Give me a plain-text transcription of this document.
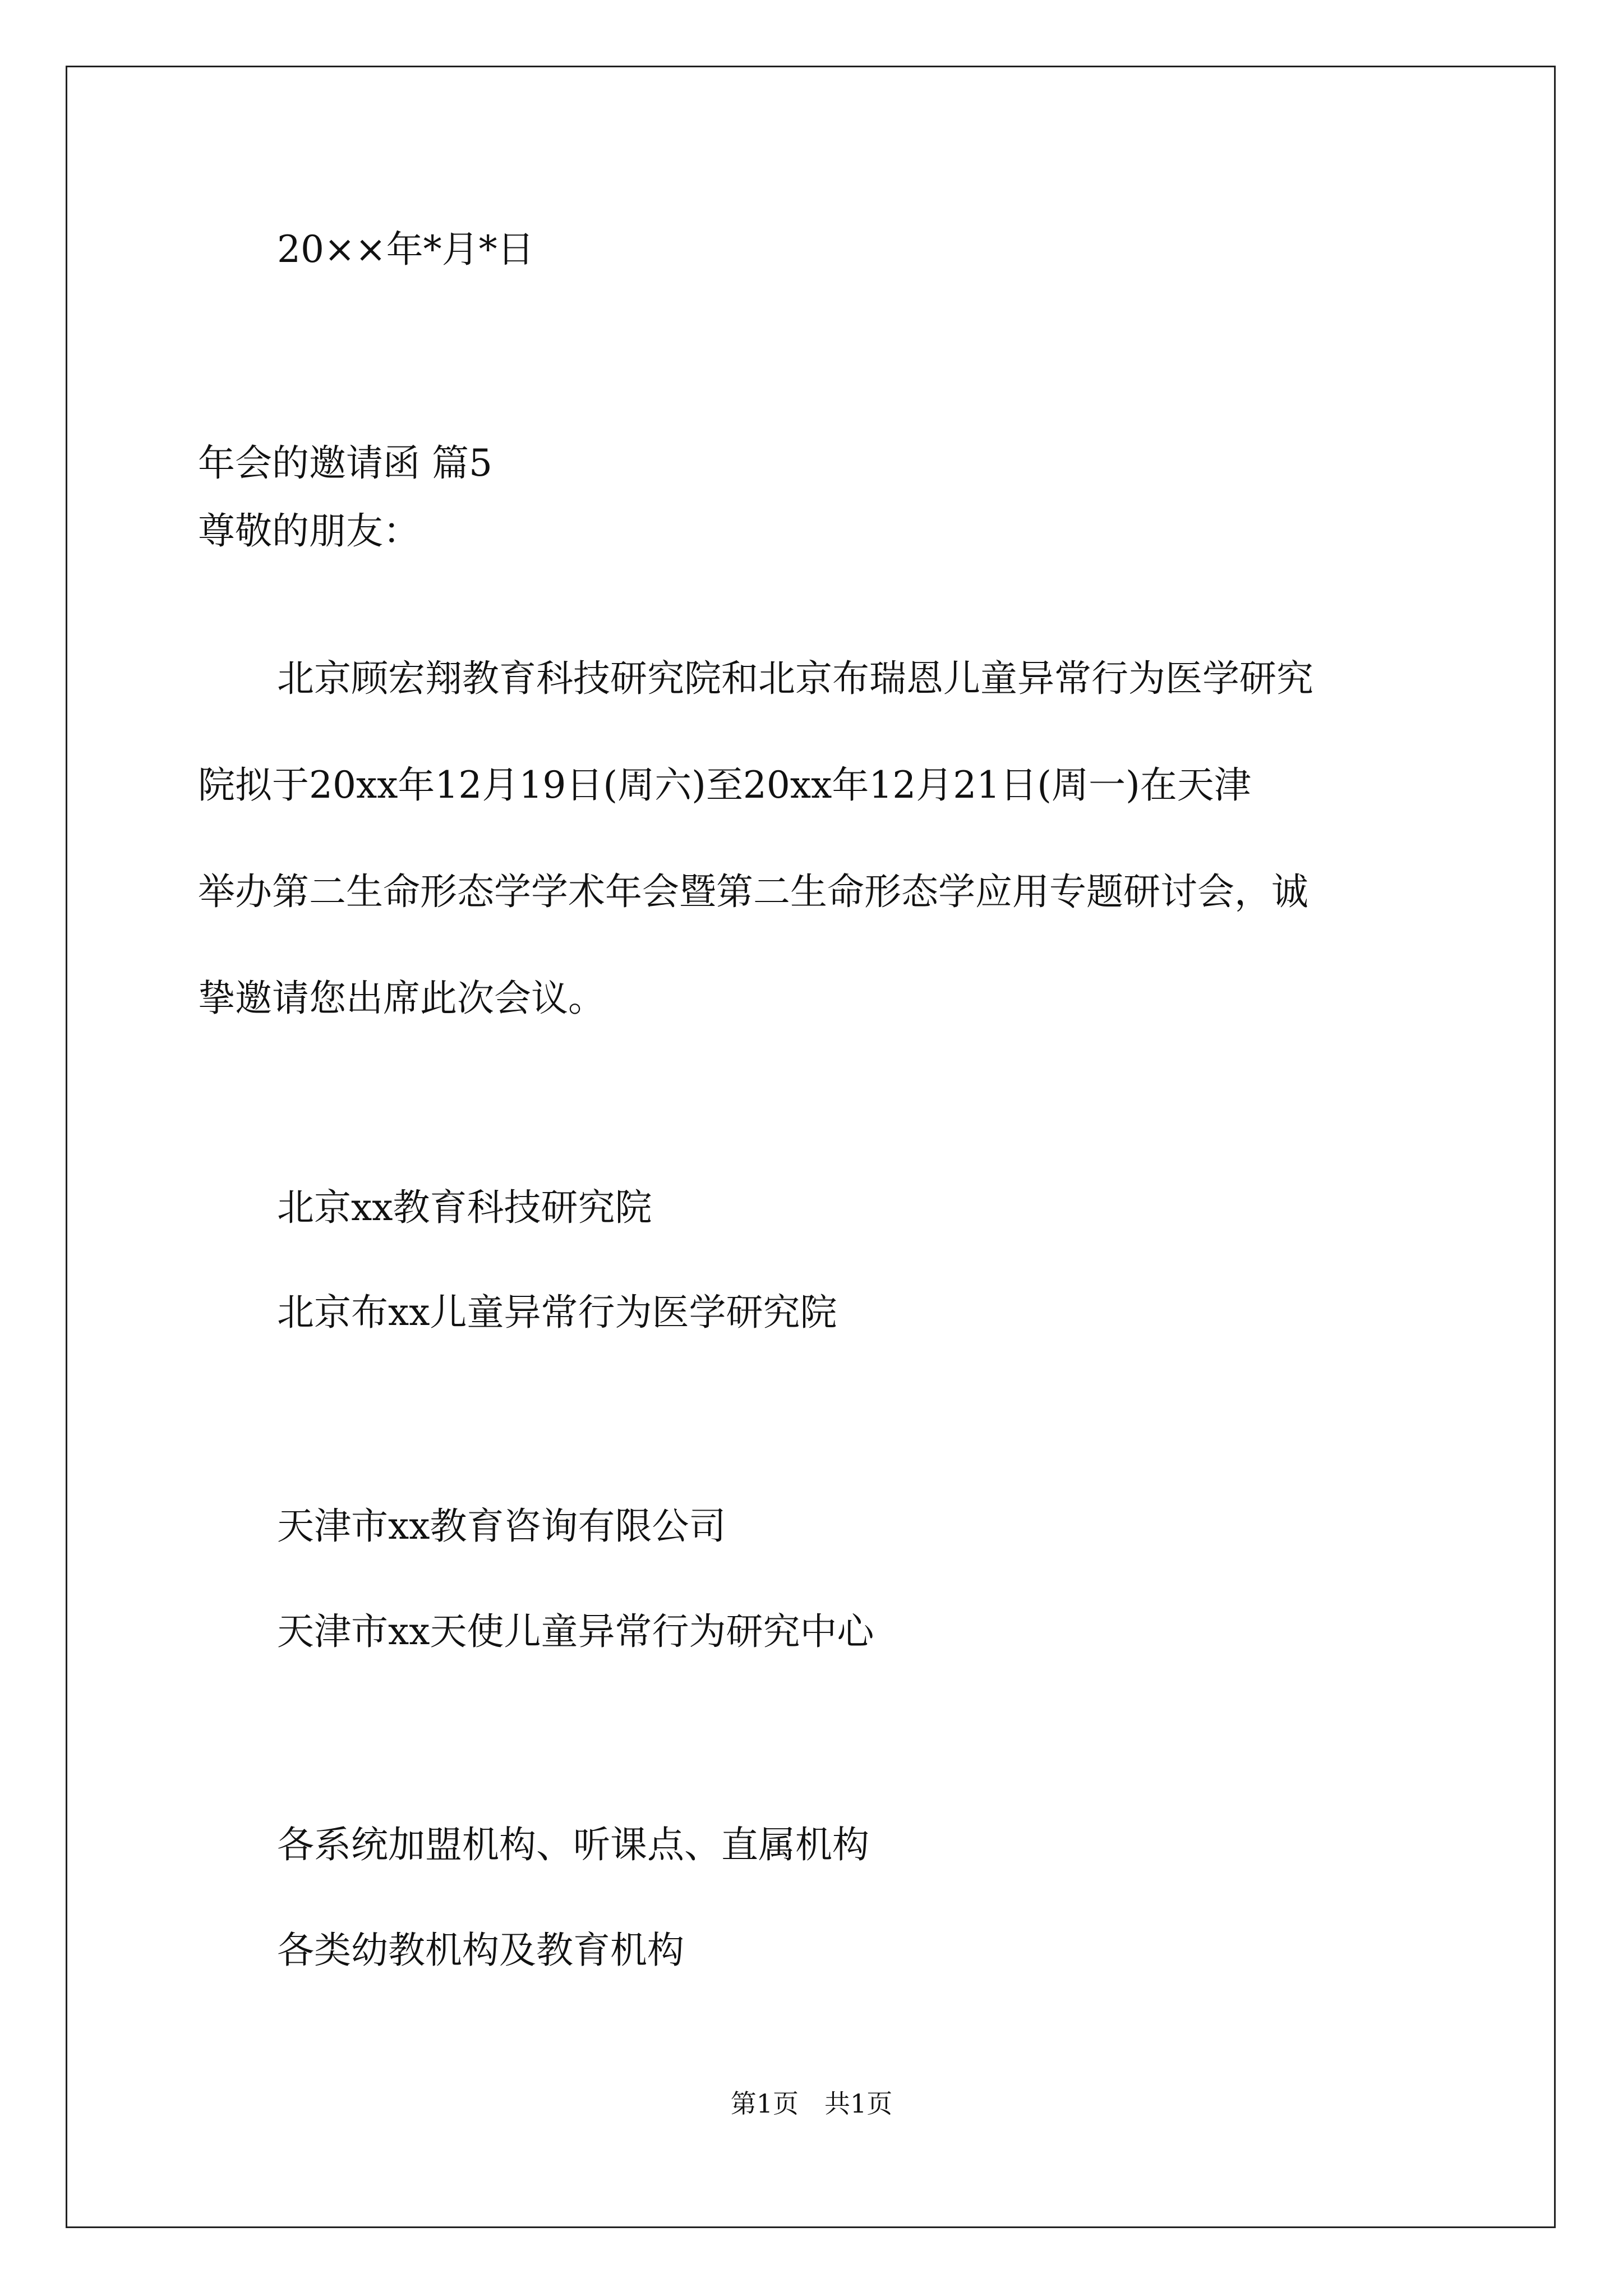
20××年*月*日
年会的邀请函 篇5
尊敬的朋友：
北京顾宏翔教育科技研究院和北京布瑞恩儿童异常行为医学研究
院拟于20xx年12月19日(周六)至20xx年12月21日(周一)在天津
举办第二生命形态学学术年会暨第二生命形态学应用专题研讨会，诚
挚邀请您出席此次会议。
北京xx教育科技研究院
北京布xx儿童异常行为医学研究院
天津市xx教育咨询有限公司
天津市xx天使儿童异常行为研究中心
各系统加盟机构、听课点、直属机构
各类幼教机构及教育机构
第1页　共1页
